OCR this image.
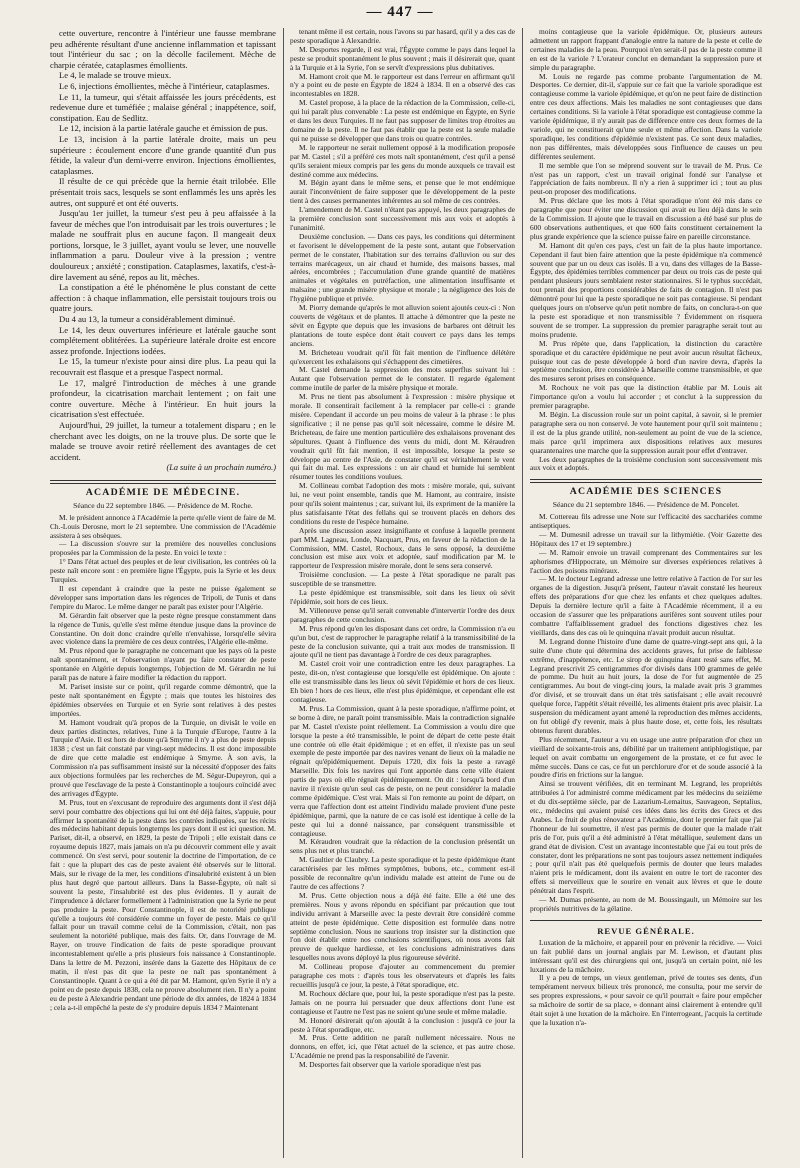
— 447 —

cette ouverture, rencontre à l'intérieur une fausse membrane peu adhérente résultant d'une ancienne inflammation et tapissant tout l'intérieur du sac ; on la décolle facilement. Mèche de charpie cératée, cataplasmes émollients.

Le 4, le malade se trouve mieux.

Le 6, injections émollientes, mèche à l'intérieur, cataplasmes.

Le 11, la tumeur, qui s'était affaissée les jours précédents, est redevenue dure et tuméfiée ; malaise général ; inappétence, soif, constipation. Eau de Sedlitz.

Le 12, incision à la partie latérale gauche et émission de pus.

Le 13, incision à la partie latérale droite, mais un peu supérieure : écoulement encore d'une grande quantité d'un pus fétide, la valeur d'un demi-verre environ. Injections émollientes, cataplasmes.

Il résulte de ce qui précède que la hernie était trilobée. Elle présentait trois sacs, lesquels se sont enflammés les uns après les autres, ont suppuré et ont été ouverts.

Jusqu'au 1er juillet, la tumeur s'est peu à peu affaissée à la faveur de mèches que l'on introduisait par les trois ouvertures ; le malade ne souffrait plus en aucune façon. Il mangeait deux portions, lorsque, le 3 juillet, ayant voulu se lever, une nouvelle inflammation a paru. Douleur vive à la pression ; ventre douloureux ; anxiété ; constipation. Cataplasmes, laxatifs, c'est-à-dire lavement au séné, repos au lit, mèches.

La constipation a été le phénomène le plus constant de cette affection : à chaque inflammation, elle persistait toujours trois ou quatre jours.

Du 4 au 13, la tumeur a considérablement diminué.

Le 14, les deux ouvertures inférieure et latérale gauche sont complétement oblitérées. La supérieure latérale droite est encore assez profonde. Injections iodées.

Le 15, la tumeur n'existe pour ainsi dire plus. La peau qui la recouvrait est flasque et a presque l'aspect normal.

Le 17, malgré l'introduction de mèches à une grande profondeur, la cicatrisation marchait lentement ; on fait une contre ouverture. Mèche à l'intérieur. En huit jours la cicatrisation s'est effectuée.

Aujourd'hui, 29 juillet, la tumeur a totalement disparu ; en le cherchant avec les doigts, on ne la trouve plus. De sorte que le malade se trouve avoir retiré réellement des avantages de cet accident.

(La suite à un prochain numéro.)
ACADÉMIE DE MÉDECINE.
Séance du 22 septembre 1846. — Présidence de M. Roche.

M. le président annonce à l'Académie la perte qu'elle vient de faire de M. Ch.-Louis Derosne, mort le 21 septembre. Une commission de l'Académie assistera à ses obsèques.

— La discussion s'ouvre sur la première des nouvelles conclusions proposées par la Commission de la peste. En voici le texte :

1° Dans l'état actuel des peuples et de leur civilisation, les contrées où la peste naît encore sont : en première ligne l'Égypte, puis la Syrie et les deux Turquies.

Il est cependant à craindre que la peste ne puisse également se développer sans importation dans les régences de Tripoli, de Tunis et dans l'empire du Maroc. Le même danger ne paraît pas exister pour l'Algérie.

M. Gérardin fait observer que la peste règne presque constamment dans la régence de Tunis, qu'elle s'est même étendue jusque dans la province de Constantine. On doit donc craindre qu'elle n'envahisse, lorsqu'elle sévira avec violence dans la première de ces deux contrées, l'Algérie elle-même.

M. Prus répond que le paragraphe ne concernant que les pays où la peste naît spontanément, et l'observation n'ayant pu faire constater de peste spontanée en Algérie depuis longtemps, l'objection de M. Gérardin ne lui paraît pas de nature à faire modifier la rédaction du rapport.

M. Pariset insiste sur ce point, qu'il regarde comme démontré, que la peste naît spontanément en Égypte ; mais que toutes les histoires des épidémies observées en Turquie et en Syrie sont relatives à des pestes importées.

M. Hamont voudrait qu'à propos de la Turquie, on divisât le voile en deux parties distinctes, relatives, l'une à la Turquie d'Europe, l'autre à la Turquie d'Asie. Il est hors de doute qu'à Smyrne il n'y a plus de peste depuis 1838 ; c'est un fait constaté par vingt-sept médecins. Il est donc impossible de dire que cette maladie est endémique à Smyrne. À son avis, la Commission n'a pas suffisamment insisté sur la nécessité d'opposer des faits aux objections formulées par les recherches de M. Ségur-Dupeyron, qui a prouvé que l'esclavage de la peste à Constantinople a toujours coïncidé avec des arrivages d'Égypte.

M. Prus, tout en s'excusant de reproduire des arguments dont il s'est déjà servi pour combattre des objections qui lui ont été déjà faites, s'appuie, pour affirmer la spontanéité de la peste dans les contrées indiquées, sur les récits des médecins habitant depuis longtemps les pays dont il est ici question. M. Pariset, dit-il, a observé, en 1829, la peste de Tripoli ; elle existait dans ce royaume depuis 1827, mais jamais on n'a pu découvrir comment elle y avait commencé. On s'est servi, pour soutenir la doctrine de l'importation, de ce fait : que la plupart des cas de peste avaient été observés sur le littoral. Mais, sur le rivage de la mer, les conditions d'insalubrité existent à un bien plus haut degré que partout ailleurs. Dans la Basse-Égypte, où naît si souvent la peste, l'insalubrité est des plus évidentes. Il y aurait de l'imprudence à déclarer formellement à l'administration que la Syrie ne peut pas produire la peste. Pour Constantinople, il est de notoriété publique qu'elle a toujours été considérée comme un foyer de peste. Mais ce qu'il fallait pour un travail comme celui de la Commission, c'était, non pas seulement la notoriété publique, mais des faits. Or, dans l'ouvrage de M. Rayer, on trouve l'indication de faits de peste sporadique prouvant incontestablement qu'elle a pris plusieurs fois naissance à Constantinople. Dans la lettre de M. Pezzoni, insérée dans la Gazette des Hôpitaux de ce matin, il n'est pas dit que la peste ne naît pas spontanément à Constantinople. Quant à ce qui a été dit par M. Hamont, qu'en Syrie il n'y a point eu de peste depuis 1838, cela ne prouve absolument rien. Il n'y a point eu de peste à Alexandrie pendant une période de dix années, de 1824 à 1834 ; cela a-t-il empêché la peste de s'y produire depuis 1834 ? Maintenant

tenant même il est certain, nous l'avons su par hasard, qu'il y a des cas de peste sporadique à Alexandrie.

M. Desportes regarde, il est vrai, l'Égypte comme le pays dans lequel la peste se produit spontanément le plus souvent ; mais il désirerait que, quant à la Turquie et à la Syrie, l'on se servît d'expressions plus dubitatives.

M. Hamont croit que M. le rapporteur est dans l'erreur en affirmant qu'il n'y a point eu de peste en Égypte de 1824 à 1834. Il en a observé des cas incontestables en 1828.

M. Castel propose, à la place de la rédaction de la Commission, celle-ci, qui lui paraît plus convenable : La peste est endémique en Égypte, en Syrie et dans les deux Turquies. Il ne faut pas supposer de limites trop étroites au domaine de la peste. Il ne faut pas établir que la peste est la seule maladie qui ne puisse se développer que dans trois ou quatre contrées.

M. le rapporteur ne serait nullement opposé à la modification proposée par M. Castel ; s'il a préféré ces mots naît spontanément, c'est qu'il a pensé qu'ils seraient mieux compris par les gens du monde auxquels ce travail est destiné comme aux médecins.

M. Bégin ayant dans le même sens, et pense que le mot endémique aurait l'inconvénient de faire supposer que le développement de la peste tient à des causes permanentes inhérentes au sol même de ces contrées.

L'amendement de M. Castel n'étant pas appuyé, les deux paragraphes de la première conclusion sont successivement mis aux voix et adoptés à l'unanimité.

Deuxième conclusion. — Dans ces pays, les conditions qui déterminent et favorisent le développement de la peste sont, autant que l'observation permet de le constater, l'habitation sur des terrains d'alluvion ou sur des terrains marécageux, un air chaud et humide, des maisons basses, mal aérées, encombrées ; l'accumulation d'une grande quantité de matières animales et végétales en putréfaction, une alimentation insuffisante et malsaine ; une grande misère physique et morale ; la négligence des lois de l'hygiène publique et privée.

M. Piorry demande qu'après le mot alluvion soient ajoutés ceux-ci : Non couverts de végétaux et de plantes. Il attache à démontrer que la peste ne sévit en Égypte que depuis que les invasions de barbares ont détruit les plantations de toute espèce dont était couvert ce pays dans les temps anciens.

M. Bricheteau voudrait qu'il fût fait mention de l'influence délétère qu'exercent les exhalaisons qui s'échappent des cimetières.

M. Castel demande la suppression des mots superflus suivant lui : Autant que l'observation permet de le constater. Il regarde également comme inutile de parler de la misère physique et morale.

M. Prus ne tient pas absolument à l'expression : misère physique et morale. Il consentirait facilement à la remplacer par celle-ci : grande misère. Cependant il accorde un peu moins de valeur à la phrase : le plus significative ; il ne pense pas qu'il soit nécessaire, comme le désire M. Bricheteau, de faire une mention particulière des exhalaisons provenant des sépultures. Quant à l'influence des vents du midi, dont M. Kéraudren voudrait qu'il fût fait mention, il est impossible, lorsque la peste se développe au centre de l'Asie, de constater qu'il est véritablement le vent qui fait du mal. Les expressions : un air chaud et humide lui semblent résumer toutes les conditions voulues.

M. Collineau combat l'adoption des mots : misère morale, qui, suivant lui, ne veut point ensemble, tandis que M. Hamont, au contraire, insiste pour qu'ils soient maintenus ; car, suivant lui, ils expriment de la manière la plus satisfaisante l'état des fellahs qui se trouvent placés en dehors des conditions du reste de l'espèce humaine.

Après une discussion assez insignifiante et confuse à laquelle prennent part MM. Lagneau, Londe, Nacquart, Prus, en faveur de la rédaction de la Commission, MM. Castel, Rochoux, dans le sens opposé, la deuxième conclusion est mise aux voix et adoptée, sauf modification par M. le rapporteur de l'expression misère morale, dont le sens sera conservé.

Troisième conclusion. — La peste à l'état sporadique ne paraît pas susceptible de se transmettre.

La peste épidémique est transmissible, soit dans les lieux où sévit l'épidémie, soit hors de ces lieux.

M. Villeneuve pense qu'il serait convenable d'intervertir l'ordre des deux paragraphes de cette conclusion.

M. Prus répond qu'en les disposant dans cet ordre, la Commission n'a eu qu'un but, c'est de rapprocher le paragraphe relatif à la transmissibilité de la peste de la conclusion suivante, qui a trait aux modes de transmission. Il ajoute qu'il ne tient pas davantage à l'ordre de ces deux paragraphes.

M. Castel croit voir une contradiction entre les deux paragraphes. La peste, dit-on, n'est contagieuse que lorsqu'elle est épidémique. On ajoute : elle est transmissible dans les lieux où sévit l'épidémie et hors de ces lieux. Eh bien ! hors de ces lieux, elle n'est plus épidémique, et cependant elle est contagieuse.

M. Prus. La Commission, quant à la peste sporadique, n'affirme point, et se borne à dire, ne paraît point transmissible. Mais la contradiction signalée par M. Castel n'existe point réellement. La Commission a voulu dire que lorsque la peste a été transmissible, le point de départ de cette peste était une contrée où elle était épidémique ; et en effet, il n'existe pas un seul exemple de peste importée par des navires venant de lieux où la maladie ne régnait qu'épidémiquement. Depuis 1720, dix fois la peste a ravagé Marseille. Dix fois les navires qui l'ont apportée dans cette ville étaient partis de pays où elle régnait épidémiquement. On dit : lorsqu'à bord d'un navire il n'existe qu'un seul cas de peste, on ne peut considérer la maladie comme épidémique. C'est vrai. Mais si l'on remonte au point de départ, on verra que l'affection dont est atteint l'individu malade provient d'une peste épidémique, parmi, que la nature de ce cas isolé est identique à celle de la peste qui lui a donné naissance, par conséquent transmissible et contagieuse.

M. Kéraudren voudrait que la rédaction de la conclusion présentât un sens plus net et plus tranché.

M. Gaultier de Claubry. La peste sporadique et la peste épidémique étant caractérisées par les mêmes symptômes, bubons, etc., comment est-il possible de reconnaître qu'un individu malade est atteint de l'une ou de l'autre de ces affections ?

M. Prus. Cette objection nous a déjà été faite. Elle a été une des premières. Nous y avons répondu en spécifiant par précaution que tout individu arrivant à Marseille avec la peste devrait être considéré comme atteint de peste épidémique. Cette disposition est formulée dans notre septième conclusion. Nous ne saurions trop insister sur la distinction que l'on doit établir entre nos conclusions scientifiques, où nous avons fait preuve de quelque hardiesse, et les conclusions administratives dans lesquelles nous avons déployé la plus rigoureuse sévérité.

M. Collineau propose d'ajouter au commencement du premier paragraphe ces mots : d'après tous les observateurs et d'après les faits recueillis jusqu'à ce jour, la peste, à l'état sporadique, etc.

M. Rochoux déclare que, pour lui, la peste sporadique n'est pas la peste. Jamais on ne pourra lui persuader que deux affections dont l'une est contagieuse et l'autre ne l'est pas ne soient qu'une seule et même maladie.

M. Honoré désirerait qu'on ajoutât à la conclusion : jusqu'à ce jour la peste à l'état sporadique, etc.

M. Prus. Cette addition ne paraît nullement nécessaire. Nous ne donnons, en effet, ici, que l'état actuel de la science, et pas autre chose. L'Académie ne prend pas la responsabilité de l'avenir.

M. Desportes fait observer que la variole sporadique n'est pas

moins contagieuse que la variole épidémique. Or, plusieurs auteurs admettent un rapport frappant d'analogie entre la nature de la peste et celle de certaines maladies de la peau. Pourquoi n'en serait-il pas de la peste comme il en est de la variole ? L'orateur conclut en demandant la suppression pure et simple du paragraphe.

M. Louis ne regarde pas comme probante l'argumentation de M. Desportes. Ce dernier, dit-il, s'appuie sur ce fait que la variole sporadique est contagieuse comme la variole épidémique, et qu'on ne peut faire de distinction entre ces deux affections. Mais les maladies ne sont contagieuses que dans certaines conditions. Si la variole à l'état sporadique est contagieuse comme la variole épidémique, il n'y aurait pas de différence entre ces deux formes de la variole, qui ne constituerait qu'une seule et même affection. Dans la variole sporadique, les conditions d'épidémie n'existent pas. Ce sont deux maladies, non pas différentes, mais développées sous l'influence de causes un peu différentes seulement.

Il me semble que l'on se méprend souvent sur le travail de M. Prus. Ce n'est pas un rapport, c'est un travail original fondé sur l'analyse et l'appréciation de faits nombreux. Il n'y a rien à supprimer ici ; tout au plus peut-on proposer des modifications.

M. Prus déclare que les mots à l'état sporadique n'ont été mis dans ce paragraphe que pour éviter une discussion qui avait eu lieu déjà dans le sein de la Commission. Il ajoute que le travail en discussion a été basé sur plus de 600 observations authentiques, et que 600 faits constituent certainement la plus grande expérience que la science puisse faire en pareille circonstance.

M. Hamont dit qu'en ces pays, c'est un fait de la plus haute importance. Cependant il faut bien faire attention que la peste épidémique n'a commencé souvent que par un ou deux cas isolés. Il a vu, dans des villages de la Basse-Égypte, des épidémies terribles commencer par deux ou trois cas de peste qui pendant plusieurs jours semblaient rester stationnaires. Si le typhus succédait, tout prenait des proportions considérables de faits de contagion. Il n'est pas démontré pour lui que la peste sporadique ne soit pas contagieuse. Si pendant quelques jours on n'observe qu'un petit nombre de faits, on conclura-t-on que la peste est sporadique et non transmissible ? Évidemment on risquera souvent de se tromper. La suppression du premier paragraphe serait tout au moins prudente.

M. Prus répète que, dans l'application, la distinction du caractère sporadique et du caractère épidémique ne peut avoir aucun résultat fâcheux, puisque tout cas de peste développée à bord d'un navire devra, d'après la septième conclusion, être considérée à Marseille comme transmissible, et que des mesures seront prises en conséquence.

M. Rochoux ne voit pas que la distinction établie par M. Louis ait l'importance qu'on a voulu lui accorder ; et conclut à la suppression du premier paragraphe.

M. Bégin. La discussion roule sur un point capital, à savoir, si le premier paragraphe sera ou non conservé. Je vote hautement pour qu'il soit maintenu ; il est de la plus grande utilité, non-seulement au point de vue de la science, mais parce qu'il imprimera aux dispositions relatives aux mesures quarantenaires une marche que la suppression aurait pour effet d'entraver.

Les deux paragraphes de la troisième conclusion sont successivement mis aux voix et adoptés.

ACADÉMIE DES SCIENCES
Séance du 21 septembre 1846. — Présidence de M. Poncelet.

M. Cottereau fils adresse une Note sur l'efficacité des sacchariées comme antiseptiques.

— M. Dumesnil adresse un travail sur la lithymiétie. (Voir Gazette des Hôpitaux des 17 et 19 septembre.)

— M. Ramoir envoie un travail comprenant des Commentaires sur les aphorismes d'Hippocrate, un Mémoire sur diverses expériences relatives à l'action des poisons minéraux.

— M. le docteur Legrand adresse une lettre relative à l'action de l'or sur les organes de la digestion. Jusqu'à présent, l'auteur n'avait constaté les heureux effets des préparations d'or que chez les enfants et chez quelques adultes. Depuis la dernière lecture qu'il a faite à l'Académie récemment, il a eu occasion de s'assurer que les préparations aurifères sont souvent utiles pour combattre l'affaiblissement graduel des fonctions digestives chez les vieillards, dans des cas où le quinquina n'avait produit aucun résultat.

M. Legrand donne l'histoire d'une dame de quatre-vingt-sept ans qui, à la suite d'une chute qui détermina des accidents graves, fut prise de faiblesse extrême, d'inappétence, etc. Le sirop de quinquina étant resté sans effet, M. Legrand prescrivit 25 centigrammes d'or divisés dans 100 grammes de gelée de pomme. Du huit au huit jours, la dose de l'or fut augmentée de 25 centigrammes. Au bout de vingt-cinq jours, la malade avait pris 3 grammes d'or divisé, et se trouvait dans un état très satisfaisant ; elle avait recouvré quelque force, l'appétit s'était réveillé, les aliments étaient pris avec plaisir. La suspension du médicament ayant amené la reproduction des mêmes accidents, on fut obligé d'y revenir, mais à plus haute dose, et, cette fois, les résultats obtenus furent durables.

Plus récemment, l'auteur a vu en usage une autre préparation d'or chez un vieillard de soixante-trois ans, débilité par un traitement antiphlogistique, par lequel on avait combattu un engorgement de la prostate, et ce fut avec le même succès. Dans ce cas, ce fut un perchlorure d'or et de soude associé à la poudre d'iris en frictions sur la langue.

Ainsi se trouvent vérifiées, dit en terminant M. Legrand, les propriétés attribuées à l'or administré comme médicament par les médecins du seizième et du dix-septième siècle, par de Lazarium-Lemaitus, Sauvageon, Septalius, etc., médecins qui avaient puisé ces idées dans les écrits des Grecs et des Arabes. Le fruit de plus rénovateur a l'Académie, dont le premier fait que j'ai l'honneur de lui soumettre, il n'est pas permis de douter que la malade n'ait pris de l'or, puis qu'il a été administré à l'état métallique, seulement dans un grand état de division. C'est un avantage incontestable que j'ai eu tout près de constater, dont les préparations ne sont pas toujours assez nettement indiquées ; pour qu'il n'ait pas été quelquefois permis de douter que leurs malades n'aient pris le médicament, dont ils avaient en outre le tort de raconter des effets si merveilleux que le sourire en venait aux lèvres et que le doute pénétrait dans l'esprit.

— M. Dumas présente, au nom de M. Boussingault, un Mémoire sur les propriétés nutritives de la gélatine.

REVUE GÉNÉRALE.

Luxation de la mâchoire, et appareil pour en prévenir la récidive. — Voici un fait publié dans un journal anglais par M. Lewison, et d'autant plus intéressant qu'il est des chirurgiens qui ont, jusqu'à un certain point, nié les luxations de la mâchoire.

Il y a peu de temps, un vieux gentleman, privé de toutes ses dents, d'un tempérament nerveux bilieux très prononcé, me consulta, pour me servir de ses propres expressions, « pour savoir ce qu'il pourrait « faire pour empêcher sa mâchoire de sortir de sa place, » donnant ainsi clairement à entendre qu'il était sujet à une luxation de la mâchoire. En l'interrogeant, j'acquis la certitude que la luxation n'a-
